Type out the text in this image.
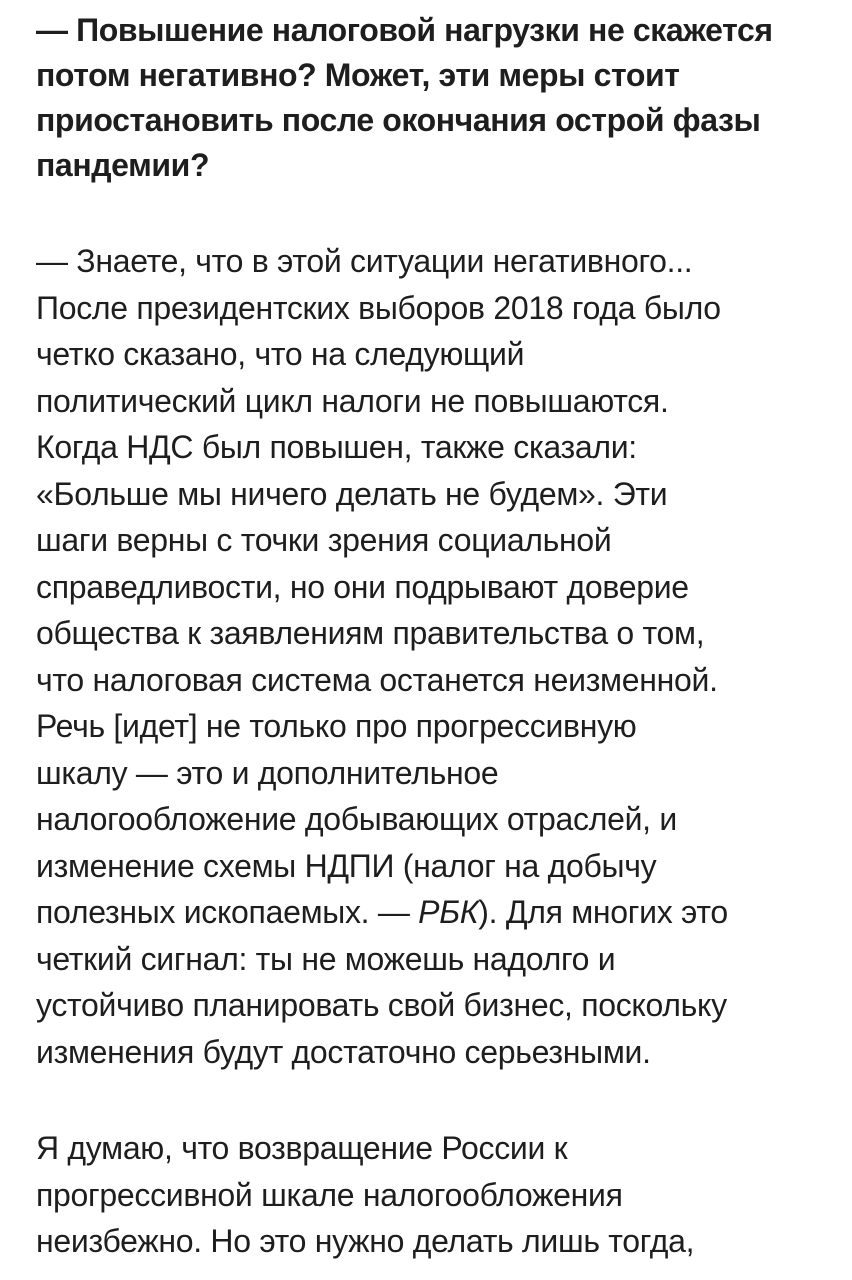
— Повышение налоговой нагрузки не скажется
потом негативно? Может, эти меры стоит
приостановить после окончания острой фазы
пандемии?
— Знаете, что в этой ситуации негативного...
После президентских выборов 2018 года было
четко сказано, что на следующий
политический цикл налоги не повышаются.
Когда НДС был повышен, также сказали:
«Больше мы ничего делать не будем». Эти
шаги верны с точки зрения социальной
справедливости, но они подрывают доверие
общества к заявлениям правительства о том,
что налоговая система останется неизменной.
Речь [идет] не только про прогрессивную
шкалу — это и дополнительное
налогообложение добывающих отраслей, и
изменение схемы НДПИ (налог на добычу
полезных ископаемых. — РБК). Для многих это
четкий сигнал: ты не можешь надолго и
устойчиво планировать свой бизнес, поскольку
изменения будут достаточно серьезными.
Я думаю, что возвращение России к
прогрессивной шкале налогообложения
неизбежно. Но это нужно делать лишь тогда,
